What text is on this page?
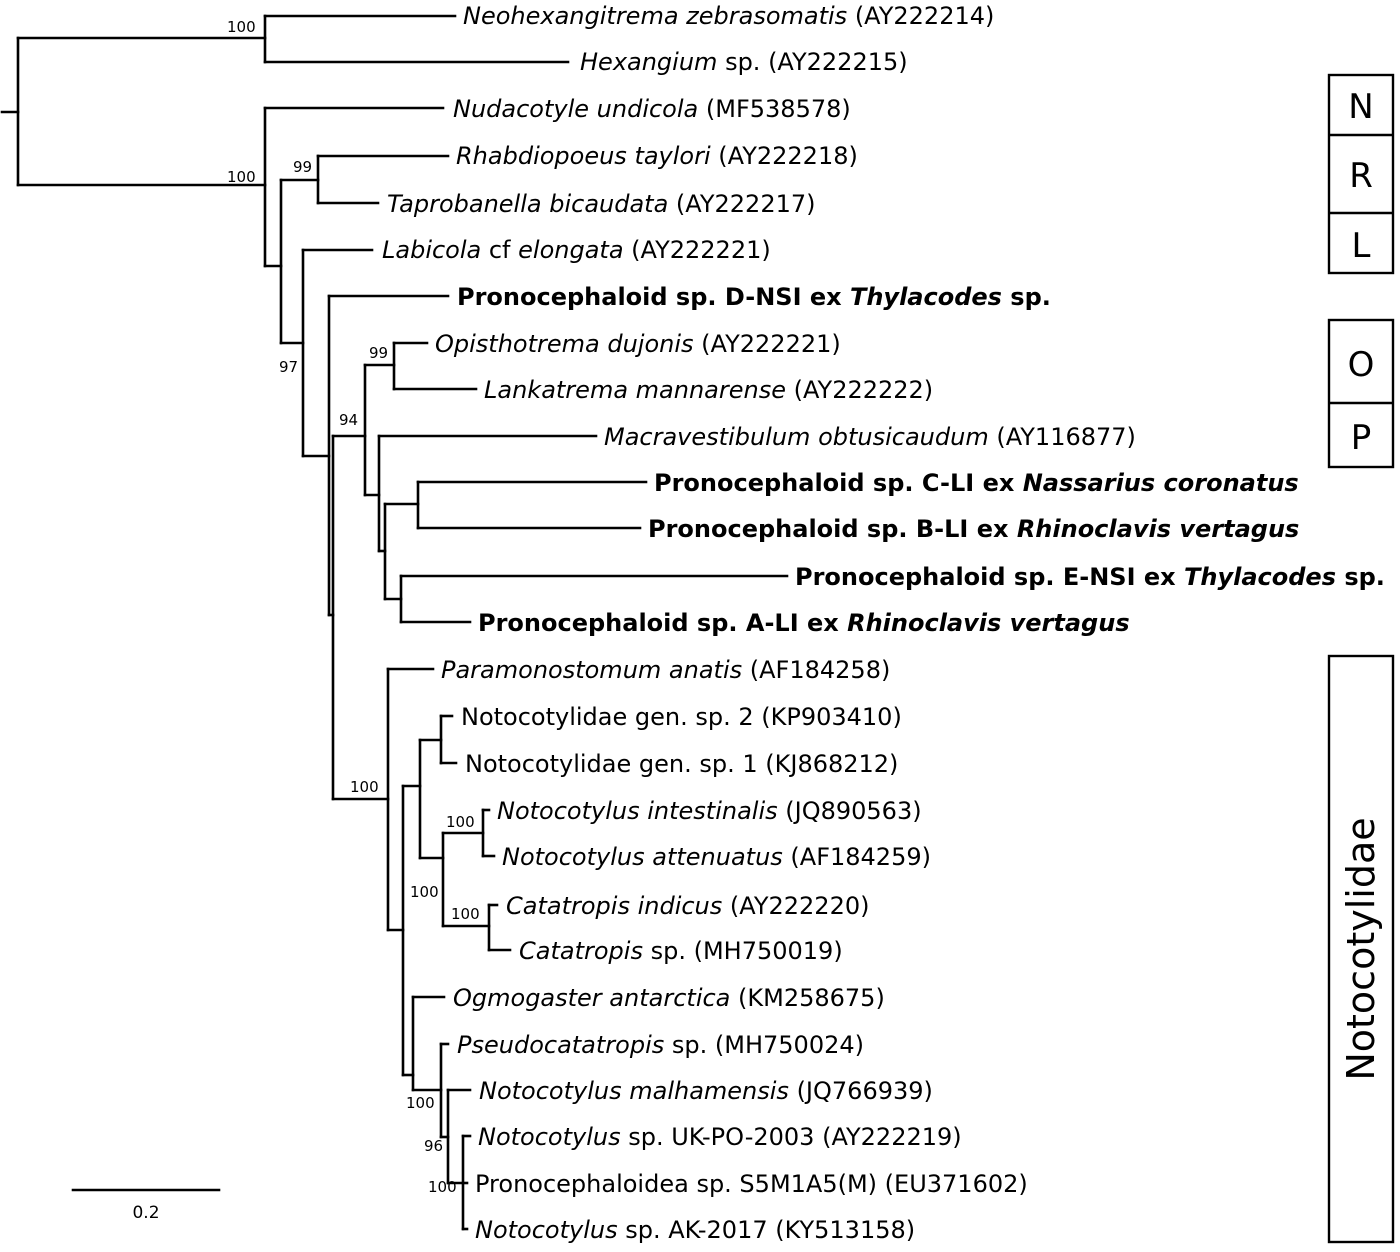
Neohexangitrema zebrasomatis (AY222214)
Hexangium sp. (AY222215)
Nudacotyle undicola (MF538578)
Rhabdiopoeus taylori (AY222218)
Taprobanella bicaudata (AY222217)
Labicola cf elongata (AY222221)
Pronocephaloid sp. D-NSI ex Thylacodes sp.
Opisthotrema dujonis (AY222221)
Lankatrema mannarense (AY222222)
Macravestibulum obtusicaudum (AY116877)
Pronocephaloid sp. C-LI ex Nassarius coronatus
Pronocephaloid sp. B-LI ex Rhinoclavis vertagus
Pronocephaloid sp. E-NSI ex Thylacodes sp.
Pronocephaloid sp. A-LI ex Rhinoclavis vertagus
Paramonostomum anatis (AF184258)
Notocotylidae gen. sp. 2 (KP903410)
Notocotylidae gen. sp. 1 (KJ868212)
Notocotylus intestinalis (JQ890563)
Notocotylus attenuatus (AF184259)
Catatropis indicus (AY222220)
Catatropis sp. (MH750019)
Ogmogaster antarctica (KM258675)
Pseudocatatropis sp. (MH750024)
Notocotylus malhamensis (JQ766939)
Notocotylus sp. UK-PO-2003 (AY222219)
Pronocephaloidea sp. S5M1A5(M) (EU371602)
Notocotylus sp. AK-2017 (KY513158)
100
100
99
97
99
94
100
100
100
100
100
96
100
N
R
L
O
P
Notocotylidae
0.2
